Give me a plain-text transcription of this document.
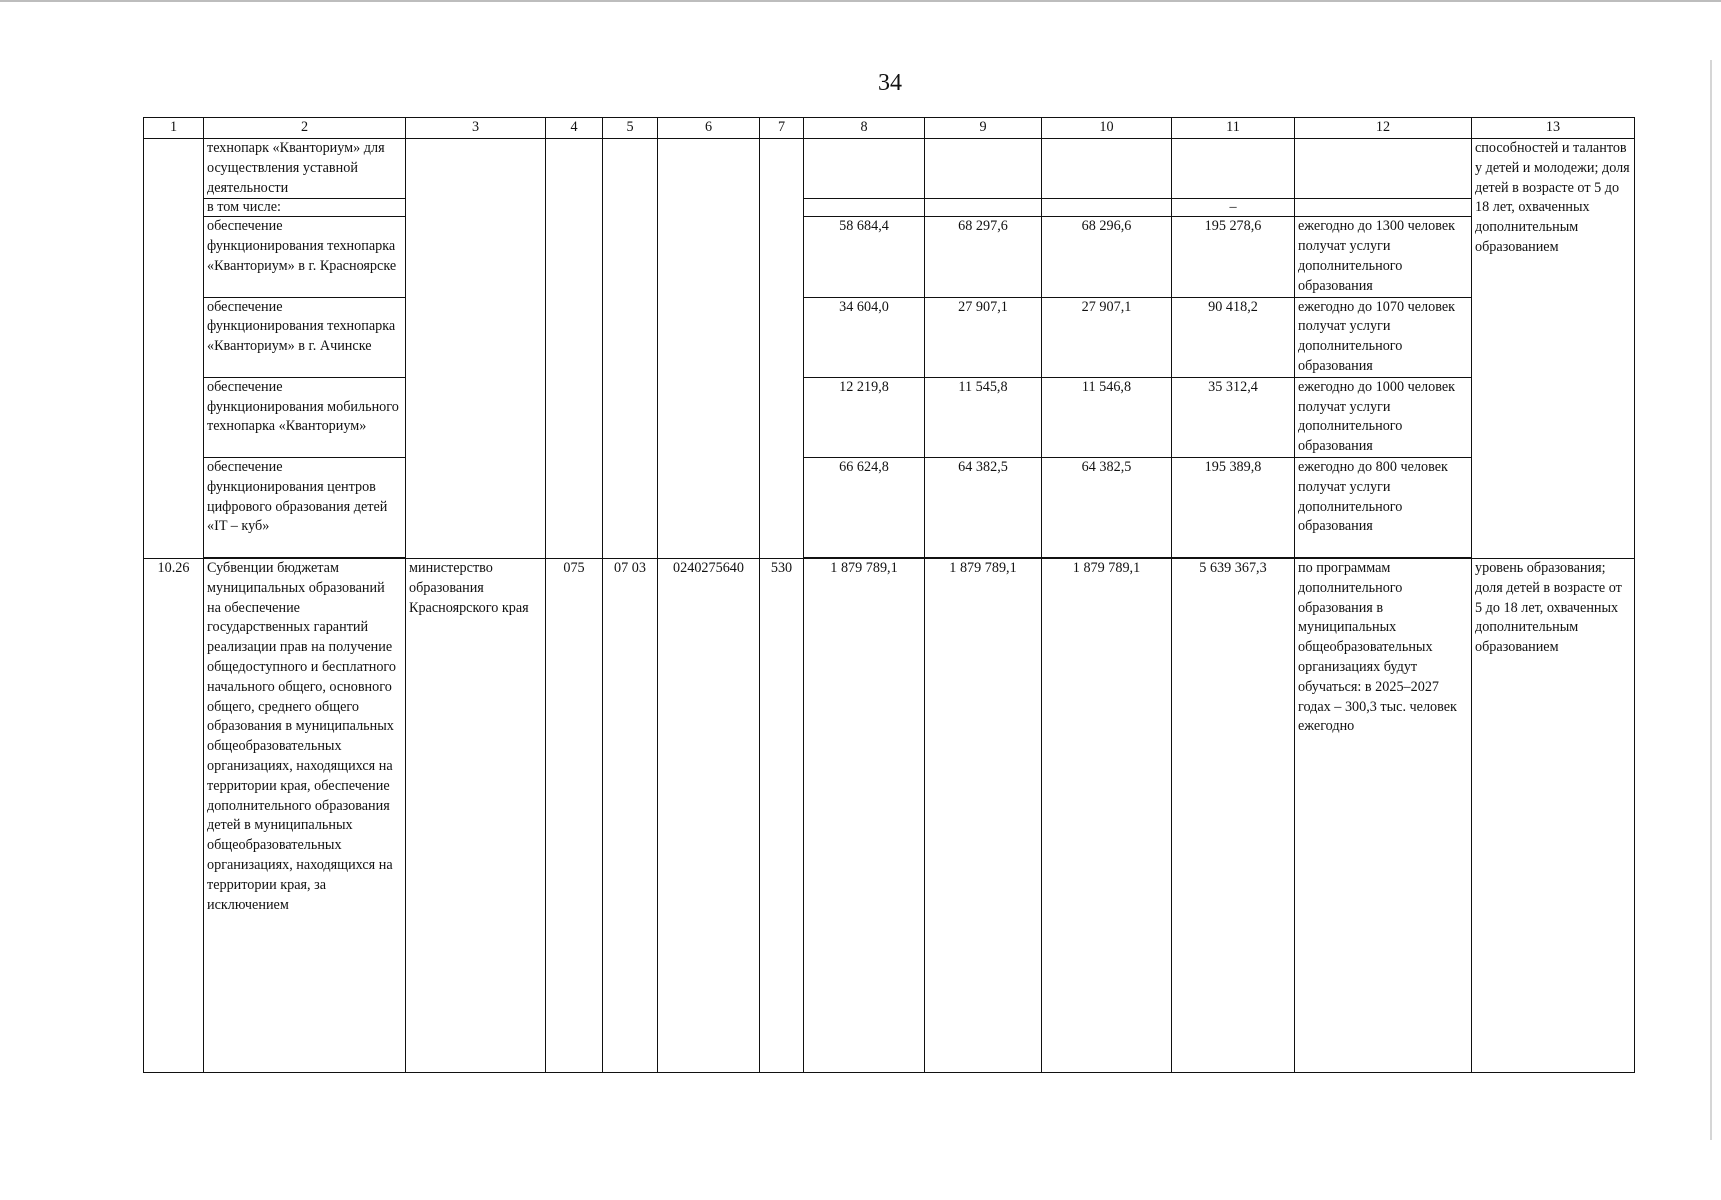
34
1	2	3	4	5	6	7	8	9	10	11	12	13
	технопарк «Кванториум» для осуществления уставной деятельности											способностей и талантов у детей и молодежи; доля детей в возрасте от 5 до 18 лет, охваченных дополнительным образованием
	в том числе:									–		
	обеспечение функционирования технопарка «Кванториум» в г. Красноярске						58 684,4	68 297,6	68 296,6	195 278,6	ежегодно до 1300 человек получат услуги дополнительного образования	
	обеспечение функционирования технопарка «Кванториум» в г. Ачинске						34 604,0	27 907,1	27 907,1	90 418,2	ежегодно до 1070 человек получат услуги дополнительного образования	
	обеспечение функционирования мобильного технопарка «Кванториум»						12 219,8	11 545,8	11 546,8	35 312,4	ежегодно до 1000 человек получат услуги дополнительного образования	
	обеспечение функционирования центров цифрового образования детей «IT – куб»						66 624,8	64 382,5	64 382,5	195 389,8	ежегодно до 800 человек получат услуги дополнительного образования	

10.26	Субвенции бюджетам муниципальных образований на обеспечение государственных гарантий реализации прав на получение общедоступного и бесплатного начального общего, основного общего, среднего общего образования в муниципальных общеобразовательных организациях, находящихся на территории края, обеспечение дополнительного образования детей в муниципальных общеобразовательных организациях, находящихся на территории края, за исключением	министерство образования Красноярского края	075	07 03	0240275640	530	1 879 789,1	1 879 789,1	1 879 789,1	5 639 367,3	по программам дополнительного образования в муниципальных общеобразовательных организациях будут обучаться: в 2025–2027 годах – 300,3 тыс. человек ежегодно	уровень образования; доля детей в возрасте от 5 до 18 лет, охваченных дополнительным образованием
